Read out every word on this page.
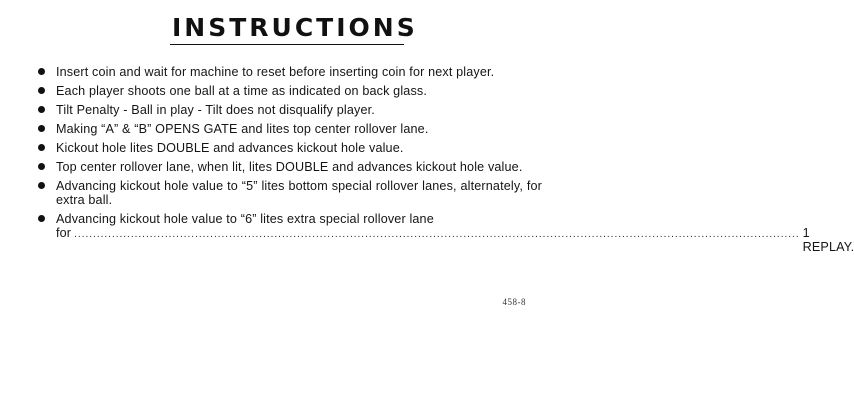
INSTRUCTIONS
Insert coin and wait for machine to reset before inserting coin for next player.
Each player shoots one ball at a time as indicated on back glass.
Tilt Penalty - Ball in play - Tilt does not disqualify player.
Making “A” & “B” OPENS GATE and lites top center rollover lane.
Kickout hole lites DOUBLE and advances kickout hole value.
Top center rollover lane, when lit, lites DOUBLE and advances kickout hole value.
Advancing kickout hole value to “5” lites bottom special rollover lanes, alternately, for extra ball.
Advancing kickout hole value to “6” lites extra special rollover lane
for ................................................................................................................................................................................................ 1 REPLAY.
458-8
